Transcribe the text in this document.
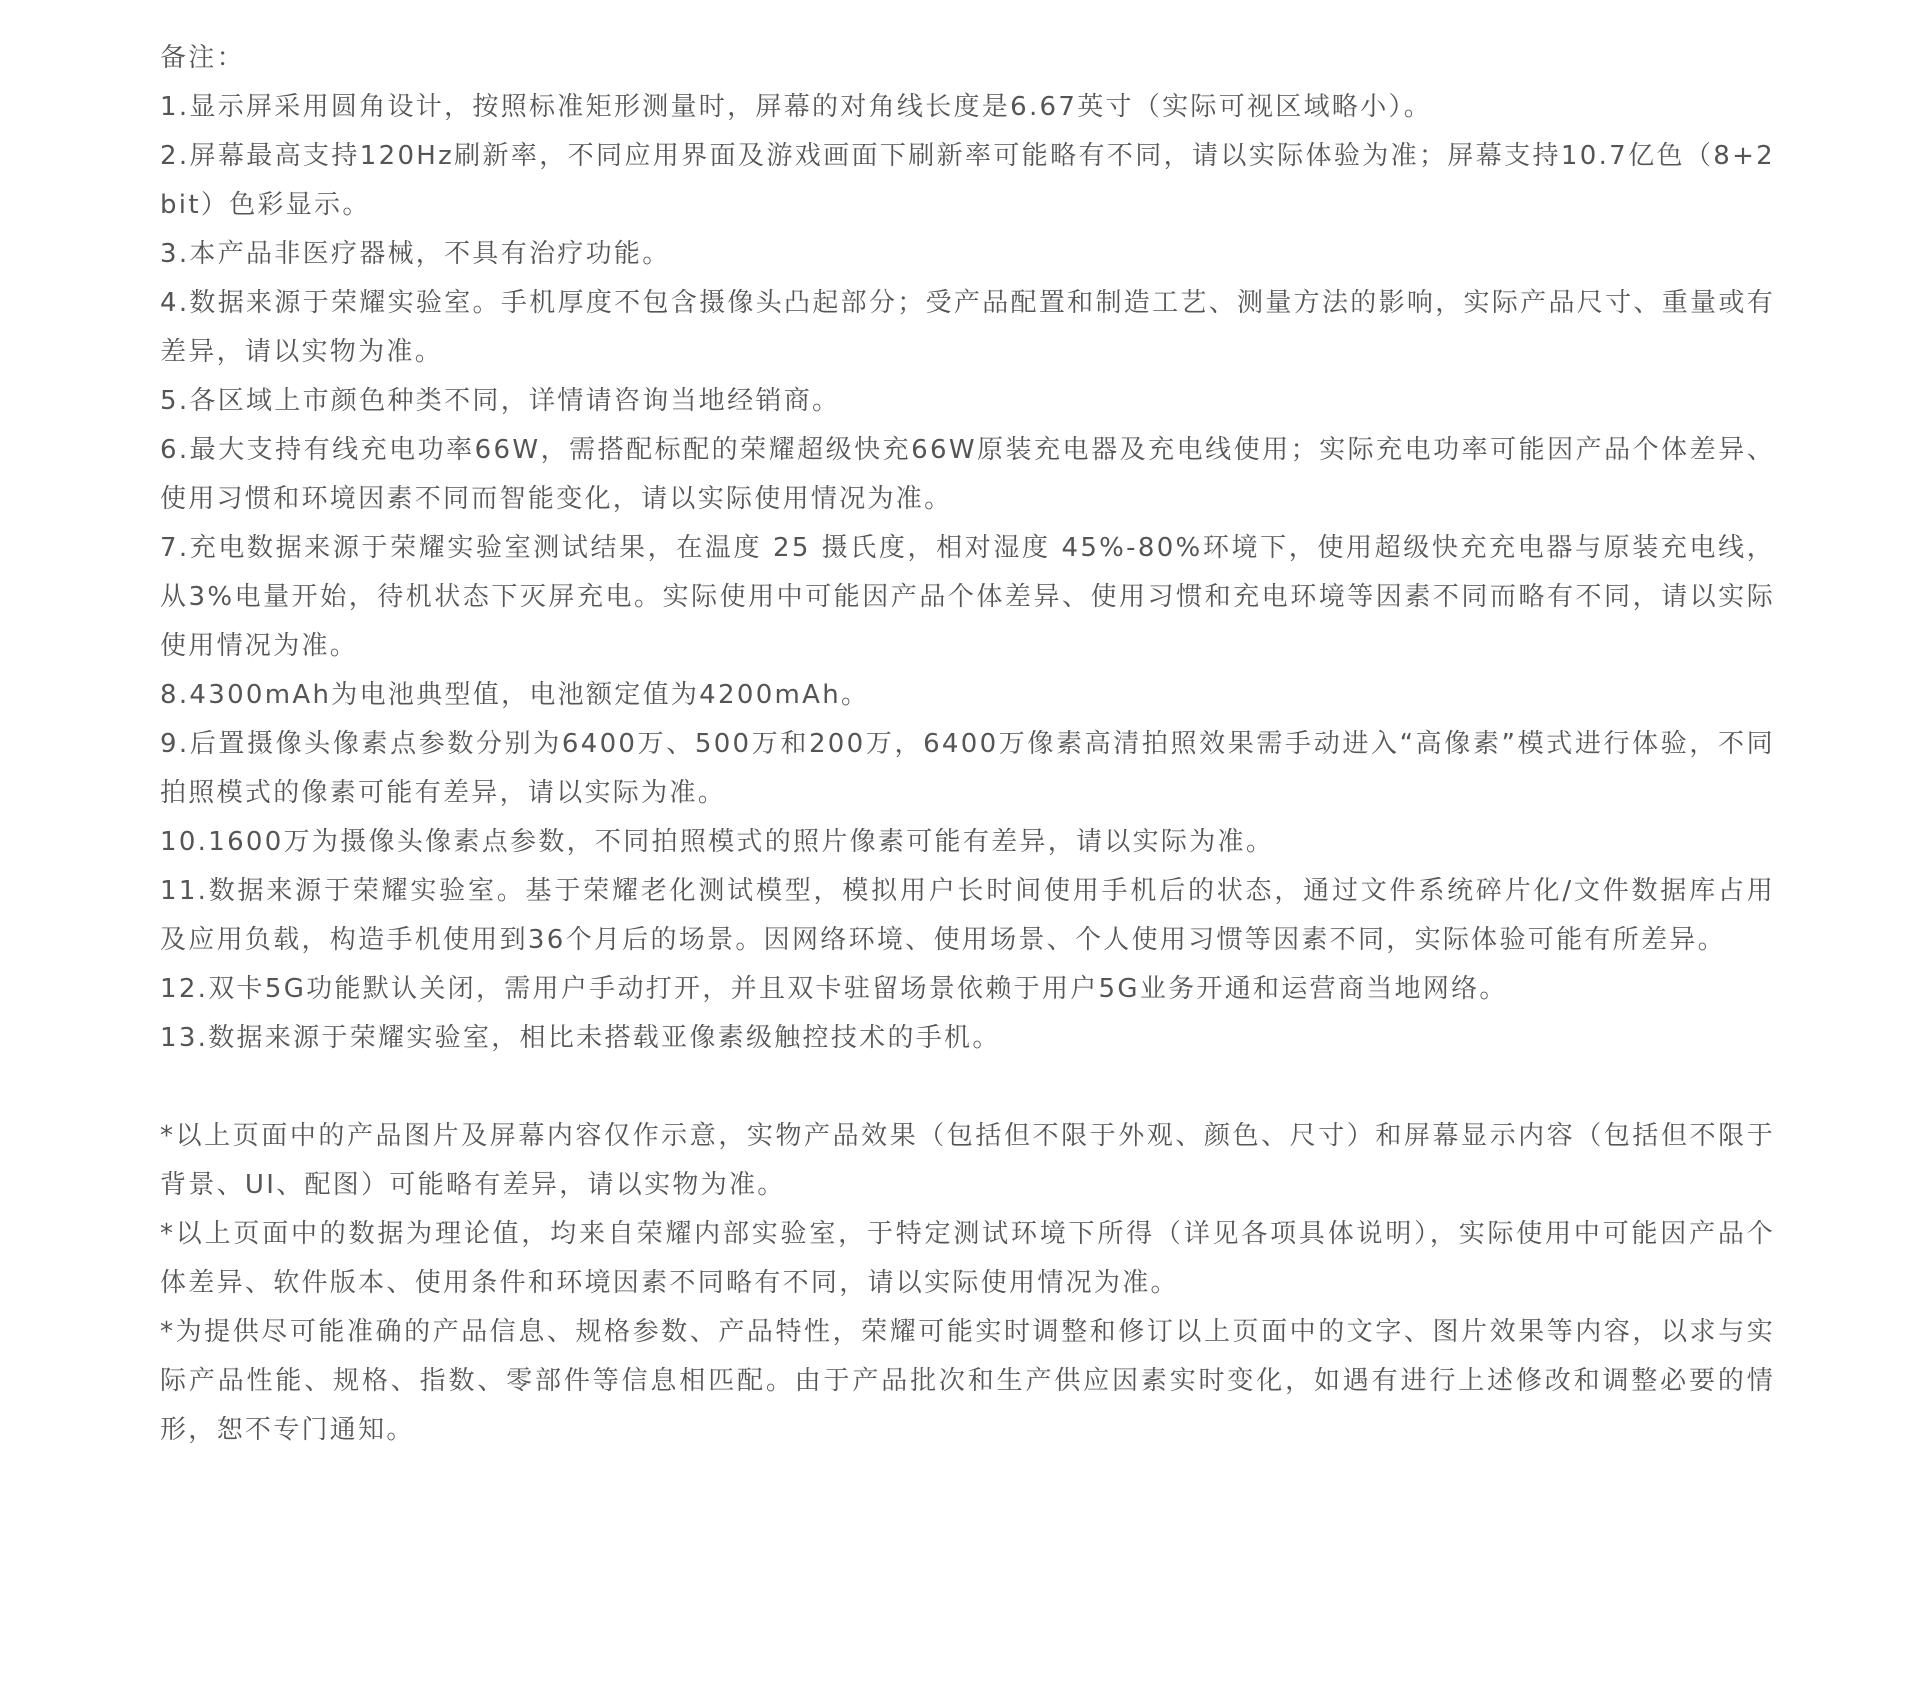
备注：

1.显示屏采用圆角设计，按照标准矩形测量时，屏幕的对角线长度是6.67英寸（实际可视区域略小）。

2.屏幕最高支持120Hz刷新率，不同应用界面及游戏画面下刷新率可能略有不同，请以实际体验为准；屏幕支持10.7亿色（8+2bit）色彩显示。

3.本产品非医疗器械，不具有治疗功能。

4.数据来源于荣耀实验室。手机厚度不包含摄像头凸起部分；受产品配置和制造工艺、测量方法的影响，实际产品尺寸、重量或有差异，请以实物为准。

5.各区域上市颜色种类不同，详情请咨询当地经销商。

6.最大支持有线充电功率66W，需搭配标配的荣耀超级快充66W原装充电器及充电线使用；实际充电功率可能因产品个体差异、使用习惯和环境因素不同而智能变化，请以实际使用情况为准。

7.充电数据来源于荣耀实验室测试结果，在温度 25 摄氏度，相对湿度 45%-80%环境下，使用超级快充充电器与原装充电线，从3%电量开始，待机状态下灭屏充电。实际使用中可能因产品个体差异、使用习惯和充电环境等因素不同而略有不同，请以实际使用情况为准。

8.4300mAh为电池典型值，电池额定值为4200mAh。

9.后置摄像头像素点参数分别为6400万、500万和200万，6400万像素高清拍照效果需手动进入“高像素”模式进行体验，不同拍照模式的像素可能有差异，请以实际为准。

10.1600万为摄像头像素点参数，不同拍照模式的照片像素可能有差异，请以实际为准。

11.数据来源于荣耀实验室。基于荣耀老化测试模型，模拟用户长时间使用手机后的状态，通过文件系统碎片化/文件数据库占用及应用负载，构造手机使用到36个月后的场景。因网络环境、使用场景、个人使用习惯等因素不同，实际体验可能有所差异。

12.双卡5G功能默认关闭，需用户手动打开，并且双卡驻留场景依赖于用户5G业务开通和运营商当地网络。

13.数据来源于荣耀实验室，相比未搭载亚像素级触控技术的手机。

*以上页面中的产品图片及屏幕内容仅作示意，实物产品效果（包括但不限于外观、颜色、尺寸）和屏幕显示内容（包括但不限于背景、UI、配图）可能略有差异，请以实物为准。

*以上页面中的数据为理论值，均来自荣耀内部实验室，于特定测试环境下所得（详见各项具体说明），实际使用中可能因产品个体差异、软件版本、使用条件和环境因素不同略有不同，请以实际使用情况为准。

*为提供尽可能准确的产品信息、规格参数、产品特性，荣耀可能实时调整和修订以上页面中的文字、图片效果等内容，以求与实际产品性能、规格、指数、零部件等信息相匹配。由于产品批次和生产供应因素实时变化，如遇有进行上述修改和调整必要的情形，恕不专门通知。
